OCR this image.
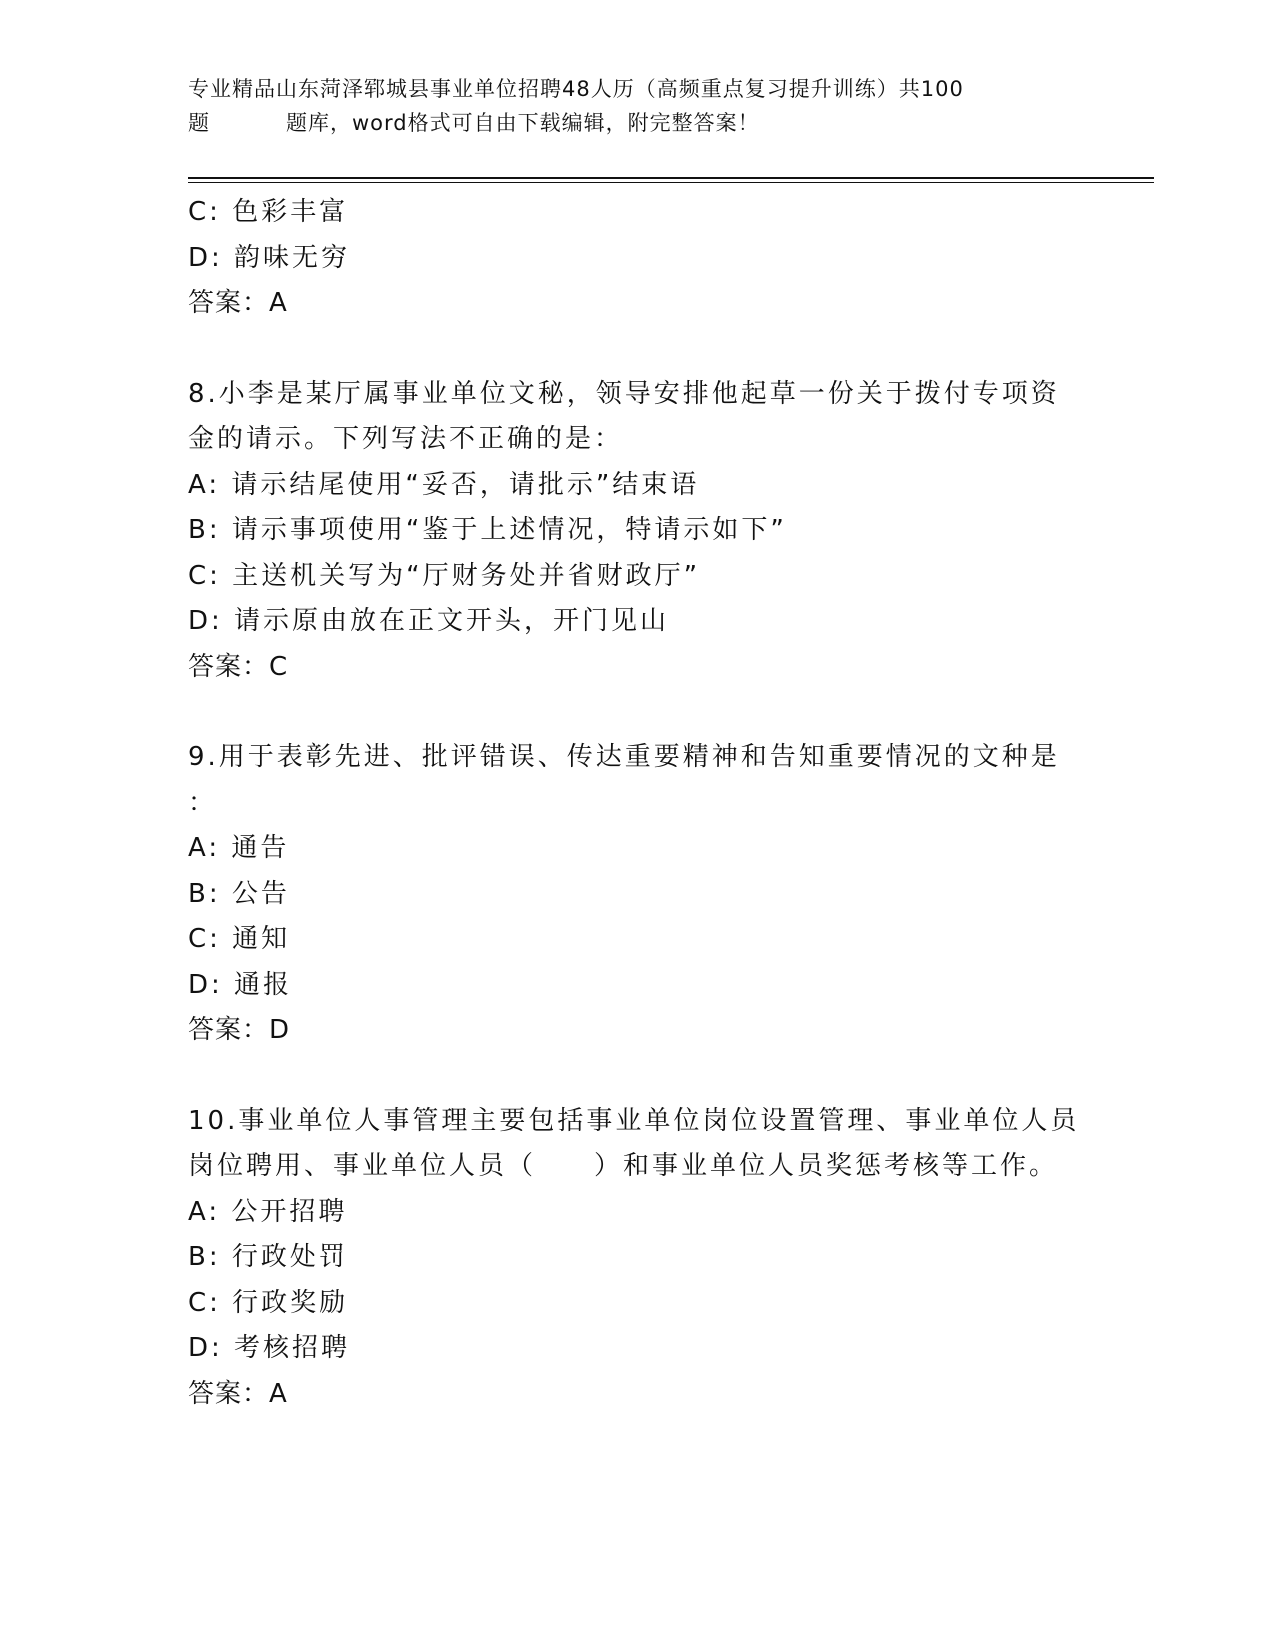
专业精品山东菏泽郓城县事业单位招聘48人历（高频重点复习提升训练）共100
题	题库，word格式可自由下载编辑，附完整答案！
C: 色彩丰富
D: 韵味无穷
答案：A
8.小李是某厅属事业单位文秘，领导安排他起草一份关于拨付专项资
金的请示。下列写法不正确的是：
A: 请示结尾使用“妥否，请批示”结束语
B: 请示事项使用“鉴于上述情况，特请示如下”
C: 主送机关写为“厅财务处并省财政厅”
D: 请示原由放在正文开头，开门见山
答案：C
9.用于表彰先进、批评错误、传达重要精神和告知重要情况的文种是
：
A: 通告
B: 公告
C: 通知
D: 通报
答案：D
10.事业单位人事管理主要包括事业单位岗位设置管理、事业单位人员
岗位聘用、事业单位人员（　　）和事业单位人员奖惩考核等工作。
A: 公开招聘
B: 行政处罚
C: 行政奖励
D: 考核招聘
答案：A
